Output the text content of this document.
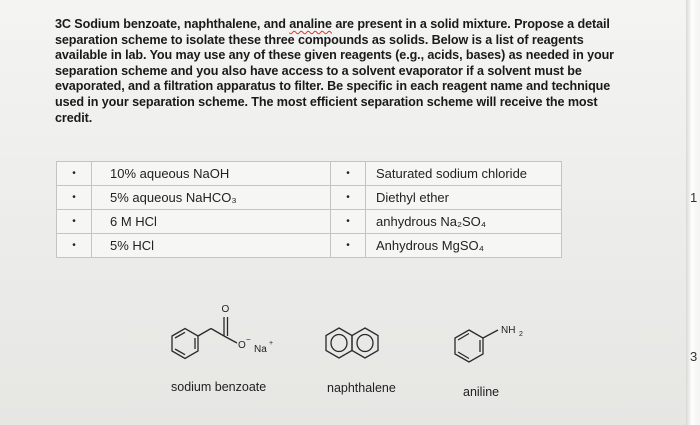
3C Sodium benzoate, naphthalene, and analine are present in a solid mixture. Propose a detail separation scheme to isolate these three compounds as solids. Below is a list of reagents available in lab. You may use any of these given reagents (e.g., acids, bases) as needed in your separation scheme and you also have access to a solvent evaporator if a solvent must be evaporated, and a filtration apparatus to filter. Be specific in each reagent name and technique used in your separation scheme. The most efficient separation scheme will receive the most credit.
•	10% aqueous NaOH	•	Saturated sodium chloride
•	5% aqueous NaHCO₃	•	Diethyl ether
•	6 M HCl	•	anhydrous Na₂SO₄
•	5% HCl	•	Anhydrous MgSO₄
O
O
−
Na
+
NH 2
sodium benzoate	naphthalene	aniline
1
3
